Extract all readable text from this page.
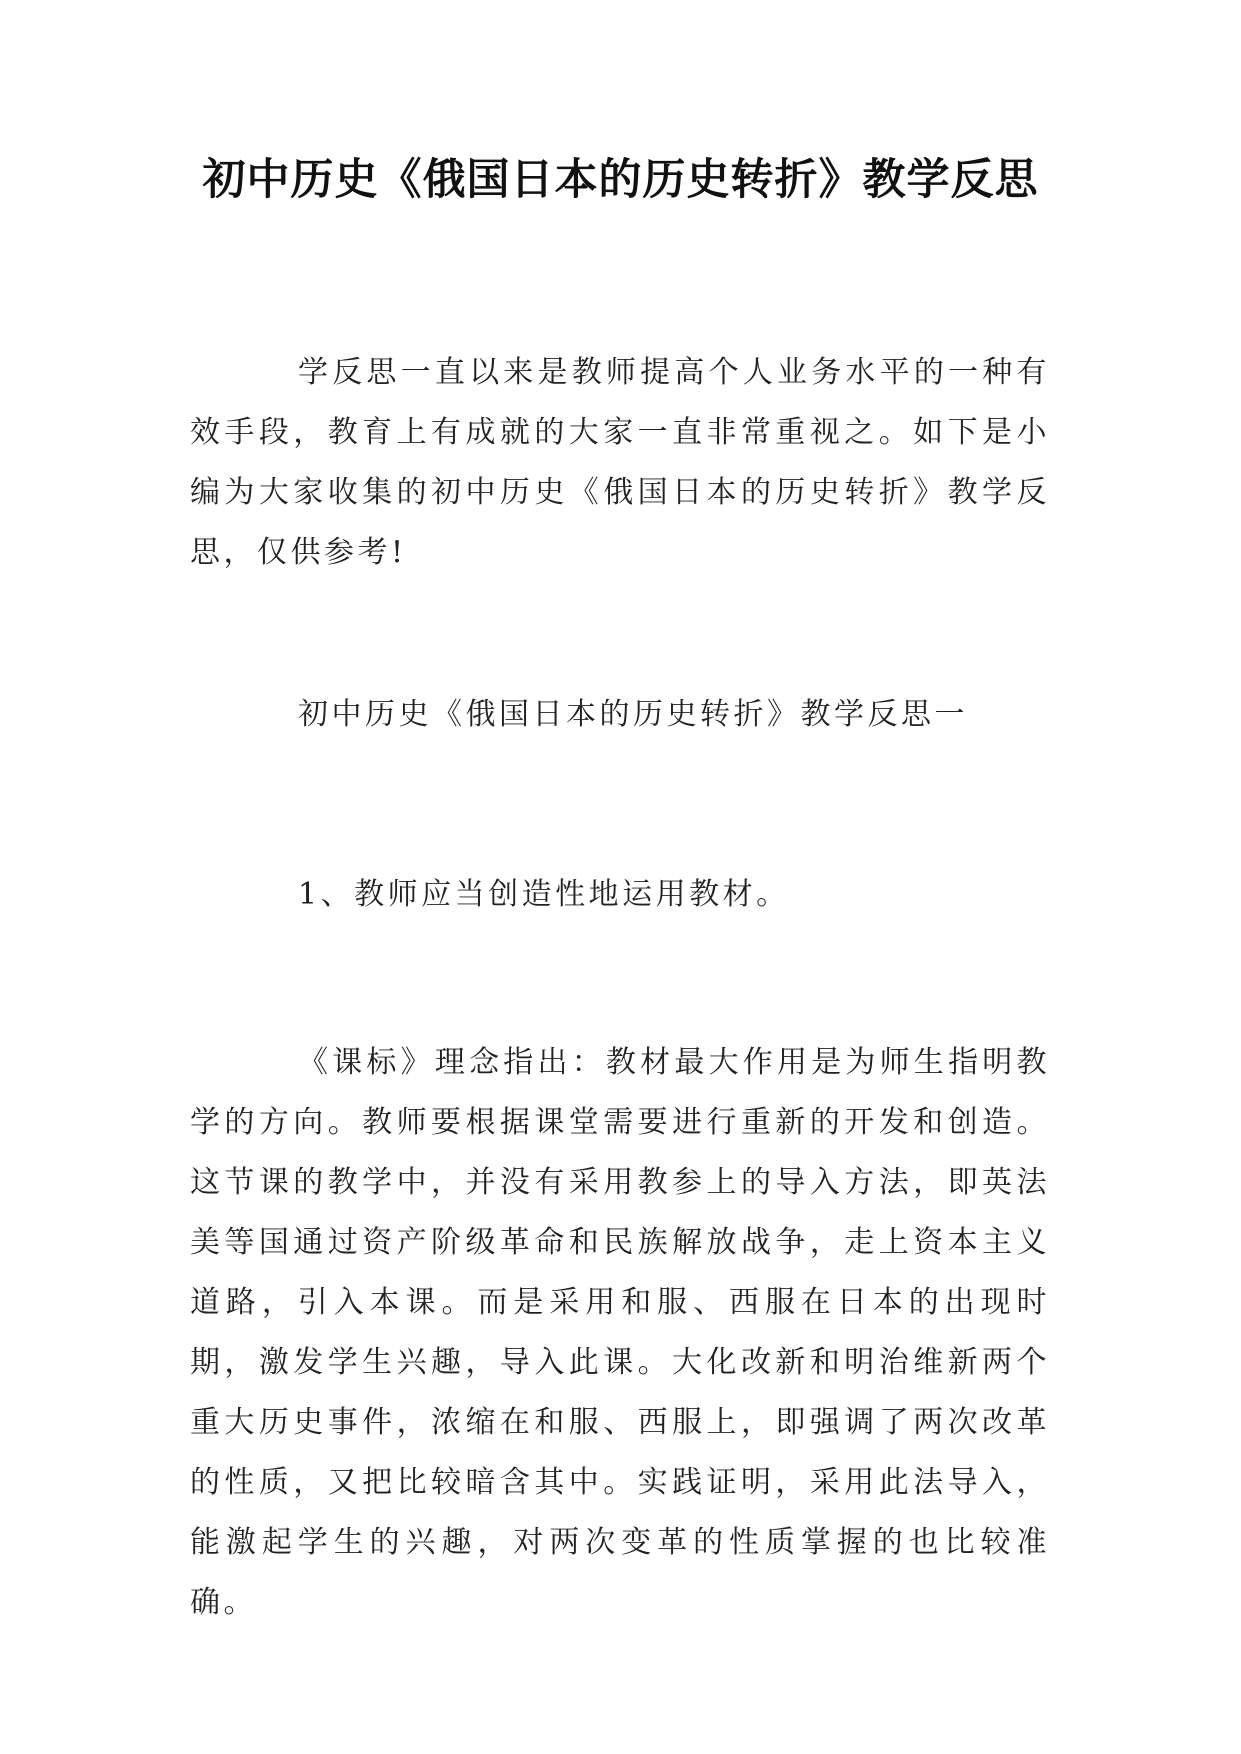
初中历史《俄国日本的历史转折》教学反思

学反思一直以来是教师提高个人业务水平的一种有效手段，教育上有成就的大家一直非常重视之。如下是小编为大家收集的初中历史《俄国日本的历史转折》教学反思，仅供参考!

初中历史《俄国日本的历史转折》教学反思一

1、教师应当创造性地运用教材。

《课标》理念指出：教材最大作用是为师生指明教学的方向。教师要根据课堂需要进行重新的开发和创造。这节课的教学中，并没有采用教参上的导入方法，即英法美等国通过资产阶级革命和民族解放战争，走上资本主义道路，引入本课。而是采用和服、西服在日本的出现时期，激发学生兴趣，导入此课。大化改新和明治维新两个重大历史事件，浓缩在和服、西服上，即强调了两次改革的性质，又把比较暗含其中。实践证明，采用此法导入，能激起学生的兴趣，对两次变革的性质掌握的也比较准确。
